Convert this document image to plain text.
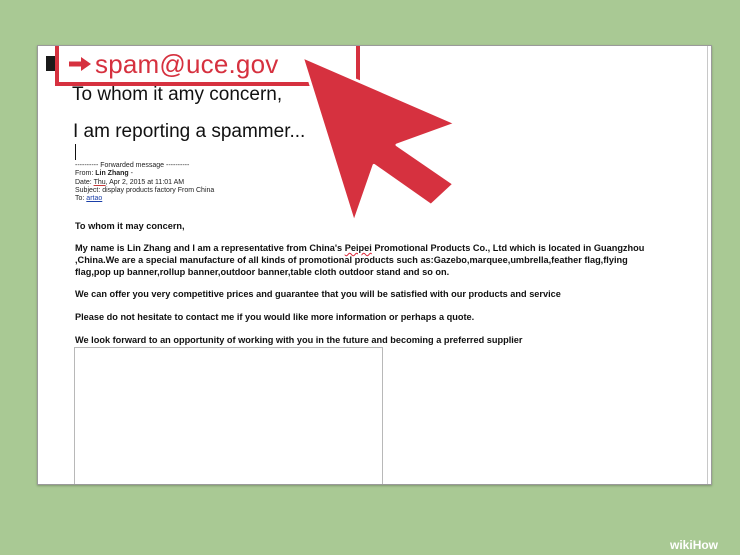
spam@uce.gov
To whom it amy concern,
I am reporting a spammer...
---------- Forwarded message ----------
From: Lin Zhang -
Date: Thu, Apr 2, 2015 at 11:01 AM
Subject: display products factory From China
To: artao
To whom it may concern,
My name is Lin Zhang and I am a representative from China's Peipei Promotional Products Co., Ltd which is located in Guangzhou
,China.We are a special manufacture of all kinds of promotional products such as:Gazebo,marquee,umbrella,feather flag,flying
flag,pop up banner,rollup banner,outdoor banner,table cloth outdoor stand and so on.
We can offer you very competitive prices and guarantee that you will be satisfied with our products and service
Please do not hesitate to contact me if you would like more information or perhaps a quote.
We look forward to an opportunity of working with you in the future and becoming a preferred supplier
wikiHow
